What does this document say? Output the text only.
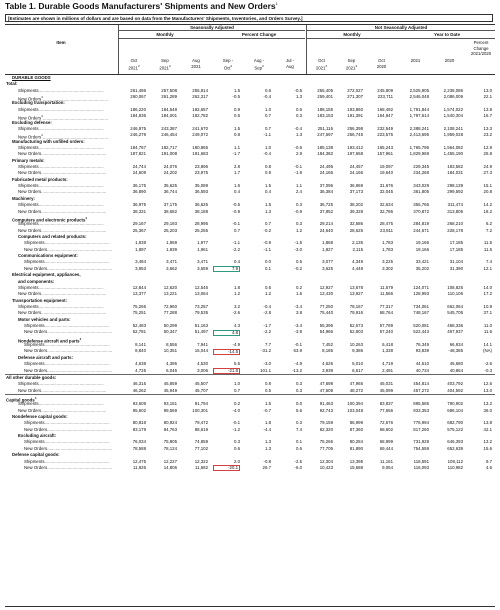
Table 1. Durable Goods Manufacturers' Shipments and New Orders$^1$
[Estimates are shown in millions of dollars and are based on data from the Manufacturers' Shipments, Inventories, and Orders Survey.]
Item
Seasonally Adjusted	Not Seasonally Adjusted
Monthly	Percent Change	Monthly	Year to Date
Oct
2021$^2$
Sep
2021$^3$
Aug
2021
Sep -
Oct$^2$
Aug -
Sep$^3$
Jul -
Aug
Oct
2021$^2$
Sep
2021$^3$
Oct
2020
2021	2020
Percent Change
2021/2020
DURABLE GOODS
Total:
Shipments......................................................	261,486	257,508	255,914	1.5	0.6	-0.5	265,405	272,027	245,809	2,525,905	2,236,086	13.0
New Orders$^4$......................................................	260,067	261,289	262,317	-0.5	-0.4	1.3	259,401	271,307	233,711	2,546,048	2,086,009	22.1
Excluding transportation:
Shipments......................................................	186,220	184,548	182,657	0.9	1.0	0.6	188,155	193,860	168,492	1,791,844	1,574,022	13.8
New Orders$^4$......................................................	184,836	184,001	182,782	0.5	0.7	0.3	183,153	191,391	164,947	1,797,614	1,540,304	16.7
Excluding defense:
Shipments......................................................	246,975	243,387	241,670	1.5	0.7	-0.4	251,116	256,398	232,549	2,388,241	2,108,241	13.3
New Orders$^4$......................................................	246,279	246,454	249,072	0.8	-1.1	1.3	247,597	256,745	223,575	2,413,695	1,959,028	23.2
Manufacturing with unfilled orders:
Shipments......................................................	184,767	182,717	180,865	1.1	1.0	-0.6	185,138	193,412	165,243	1,765,796	1,564,082	12.9
New Orders......................................................	187,821	191,008	191,683	-1.7	-0.4	2.9	184,382	197,658	157,961	1,829,969	1,455,190	25.8
Primary metals:
Shipments......................................................	24,744	24,076	23,896	2.8	0.8	-0.1	24,495	24,457	19,097	229,345	183,582	24.9
New Orders......................................................	24,609	24,202	23,975	1.7	0.9	-1.9	24,166	24,166	19,640	234,268	184,031	27.3
Fabricated metal products:
Shipments......................................................	36,175	35,625	35,089	1.5	1.5	1.1	37,096	36,969	31,676	343,029	298,139	15.1
New Orders......................................................	36,890	36,744	36,593	0.4	0.4	2.4	36,384	37,173	32,045	361,805	299,592	20.8
Machinery:
Shipments......................................................	36,975	37,175	36,625	-0.5	1.5	0.3	36,725	38,202	32,634	355,766	311,474	14.2
New Orders......................................................	38,331	38,682	38,188	-0.9	1.3	-0.9	37,852	39,328	32,786	370,872	313,805	18.2
Computers and electronic products$^4$
Shipments......................................................	29,167	29,193	28,995	-0.1	0.7	0.3	29,214	32,586	28,475	284,819	268,210	6.2
New Orders......................................................	25,367	25,203	25,255	0.7	-0.2	1.2	24,640	28,625	23,811	244,671	228,178	7.2
Computers and related products:
Shipments......................................................	1,938	1,959	1,977	-1.1	-0.9	-1.5	1,868	2,135	1,783	19,166	17,185	11.5
New Orders......................................................	1,897	1,939	1,961	-2.2	-1.1	-3.0	1,827	2,115	1,783	19,166	17,185	11.5
Communications equipment:
Shipments......................................................	3,484	3,471	3,471	0.4	0.0	0.5	3,077	4,349	3,225	33,421	31,104	7.4
New Orders......................................................	3,953	3,662	3,659	7.9	0.1	-0.2	3,625	4,448	3,302	35,202	31,390	12.1
Electrical equipment, appliances,
and components:
Shipments......................................................	12,844	12,620	12,545	1.8	0.6	0.2	12,927	13,678	11,579	124,071	108,825	14.0
New Orders......................................................	13,377	13,221	13,064	1.2	1.2	1.6	13,430	13,927	11,566	128,993	110,106	17.2
Transportation equipment:
Shipments......................................................	75,266	72,960	73,257	3.2	-0.4	-3.4	77,250	78,167	77,317	734,061	662,064	10.9
New Orders......................................................	75,251	77,288	79,535	-2.6	-2.8	3.8	75,440	79,916	68,764	748,167	545,705	37.1
Motor vehicles and parts:
Shipments......................................................	52,483	50,299	51,163	4.3	-1.7	-3.4	55,395	52,573	57,789	520,081	468,336	11.0
New Orders......................................................	52,781	50,347	51,497	4.8	-2.2	-3.9	54,966	52,803	57,240	522,443	467,937	11.6
Nondefense aircraft and parts$^4$
Shipments......................................................	8,141	8,556	7,941	-4.9	7.7	-0.1	7,452	10,263	6,418	76,349	66,934	14.1
New Orders......................................................	8,840	10,351	15,044	-14.5	-31.2	63.9	8,185	9,386	1,338	93,839	-48,385	(NA)
Defense aircraft and parts:
Shipments......................................................	4,638	4,395	4,530	5.5	-3.0	-4.9	4,626	5,010	4,719	44,510	45,680	-2.6
New Orders......................................................	4,725	6,046	3,006	-21.8	101.1	-13.2	3,939	6,617	2,491	40,734	40,864	-0.3
All other durable goods:
Shipments......................................................	46,315	45,859	45,507	1.0	0.8	0.3	47,698	47,965	45,031	454,814	403,792	12.6
New Orders......................................................	46,262	45,949	45,707	0.7	0.5	0.3	47,509	48,272	45,099	457,272	404,592	13.0
Capital goods$^4$
Shipments......................................................	93,609	93,151	91,794	0.2	1.5	0.0	91,463	100,394	83,837	895,585	790,902	13.2
New Orders......................................................	95,602	99,569	100,301	-4.0	-0.7	5.6	92,743	103,048	77,656	933,353	686,104	36.0
Nondefense capital goods:
Shipments......................................................	80,818	80,924	79,472	-0.1	1.8	0.3	79,159	86,999	72,676	776,994	682,790	13.8
New Orders......................................................	83,179	84,763	88,619	-1.2	-4.4	7.4	82,320	87,360	68,602	817,260	575,122	42.1
Excluding aircraft:
Shipments......................................................	76,034	75,805	74,859	0.3	1.3	0.1	75,266	80,284	68,999	731,928	646,393	13.2
New Orders......................................................	78,588	78,124	77,102	0.6	1.3	0.6	77,705	81,890	69,444	754,559	652,639	15.6
Defense capital goods:
Shipments......................................................	12,475	12,227	12,322	2.0	-0.8	-2.5	12,304	13,395	11,161	118,591	108,112	9.7
New Orders......................................................	11,826	14,806	11,682	-20.1	26.7	-6.0	10,423	15,688	9,054	116,093	110,982	4.6
